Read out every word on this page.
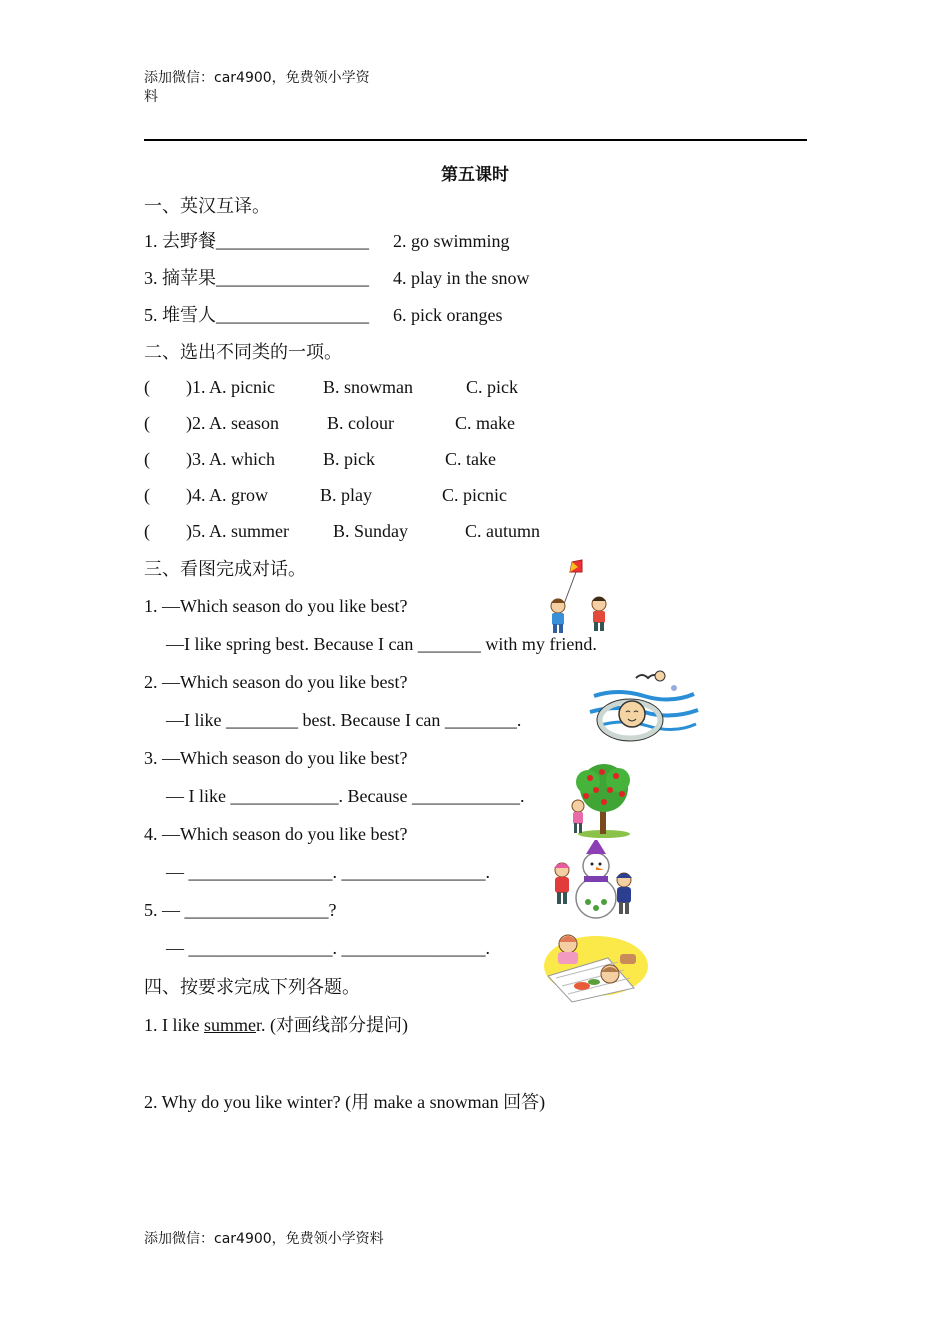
添加微信：car4900，免费领小学资
料
第五课时
一、英汉互译。
1. 去野餐_________________ 2. go swimming
3. 摘苹果_________________ 4. play in the snow
5. 堆雪人_________________ 6. pick oranges
二、选出不同类的一项。
(        )1. A. picnic	B. snowman	C. pick
(        )2. A. season	B. colour	C. make
(        )3. A. which	B. pick	C. take
(        )4. A. grow	B. play	C. picnic
(        )5. A. summer B. Sunday	C. autumn
三、看图完成对话。
1. —Which season do you like best?
—I like spring best. Because I can _______ with my friend.
2. —Which season do you like best?
—I like ________ best. Because I can ________.
3. —Which season do you like best?
— I like ____________. Because ____________.
4. —Which season do you like best?
— ________________. ________________.
5. — ________________?
— ________________. ________________.
四、按要求完成下列各题。
1. I like summer. (对画线部分提问)
2. Why do you like winter? (用 make a snowman 回答)
添加微信：car4900，免费领小学资料
